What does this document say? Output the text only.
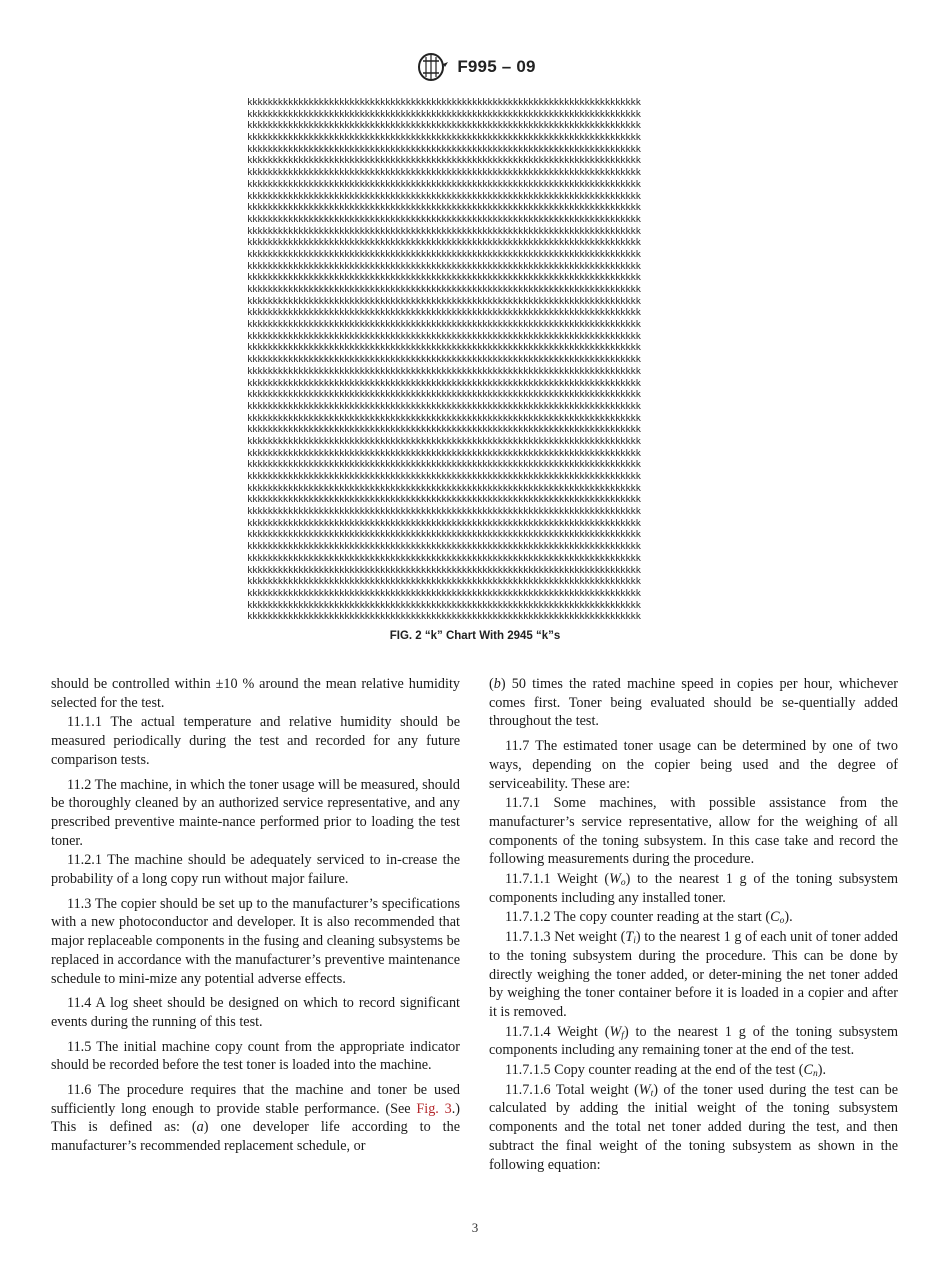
F995 – 09
kkkkkkkkkkkkkkkkkkkkkkkkkkkkkkkkkkkkkkkkkkkkkkkkkkkkkkkkkkkkkkkkkkkkkkkkkkkkk
kkkkkkkkkkkkkkkkkkkkkkkkkkkkkkkkkkkkkkkkkkkkkkkkkkkkkkkkkkkkkkkkkkkkkkkkkkkkk
kkkkkkkkkkkkkkkkkkkkkkkkkkkkkkkkkkkkkkkkkkkkkkkkkkkkkkkkkkkkkkkkkkkkkkkkkkkkk
kkkkkkkkkkkkkkkkkkkkkkkkkkkkkkkkkkkkkkkkkkkkkkkkkkkkkkkkkkkkkkkkkkkkkkkkkkkkk
kkkkkkkkkkkkkkkkkkkkkkkkkkkkkkkkkkkkkkkkkkkkkkkkkkkkkkkkkkkkkkkkkkkkkkkkkkkkk
kkkkkkkkkkkkkkkkkkkkkkkkkkkkkkkkkkkkkkkkkkkkkkkkkkkkkkkkkkkkkkkkkkkkkkkkkkkkk
kkkkkkkkkkkkkkkkkkkkkkkkkkkkkkkkkkkkkkkkkkkkkkkkkkkkkkkkkkkkkkkkkkkkkkkkkkkkk
kkkkkkkkkkkkkkkkkkkkkkkkkkkkkkkkkkkkkkkkkkkkkkkkkkkkkkkkkkkkkkkkkkkkkkkkkkkkk
kkkkkkkkkkkkkkkkkkkkkkkkkkkkkkkkkkkkkkkkkkkkkkkkkkkkkkkkkkkkkkkkkkkkkkkkkkkkk
kkkkkkkkkkkkkkkkkkkkkkkkkkkkkkkkkkkkkkkkkkkkkkkkkkkkkkkkkkkkkkkkkkkkkkkkkkkkk
kkkkkkkkkkkkkkkkkkkkkkkkkkkkkkkkkkkkkkkkkkkkkkkkkkkkkkkkkkkkkkkkkkkkkkkkkkkkk
kkkkkkkkkkkkkkkkkkkkkkkkkkkkkkkkkkkkkkkkkkkkkkkkkkkkkkkkkkkkkkkkkkkkkkkkkkkkk
kkkkkkkkkkkkkkkkkkkkkkkkkkkkkkkkkkkkkkkkkkkkkkkkkkkkkkkkkkkkkkkkkkkkkkkkkkkkk
kkkkkkkkkkkkkkkkkkkkkkkkkkkkkkkkkkkkkkkkkkkkkkkkkkkkkkkkkkkkkkkkkkkkkkkkkkkkk
kkkkkkkkkkkkkkkkkkkkkkkkkkkkkkkkkkkkkkkkkkkkkkkkkkkkkkkkkkkkkkkkkkkkkkkkkkkkk
kkkkkkkkkkkkkkkkkkkkkkkkkkkkkkkkkkkkkkkkkkkkkkkkkkkkkkkkkkkkkkkkkkkkkkkkkkkkk
kkkkkkkkkkkkkkkkkkkkkkkkkkkkkkkkkkkkkkkkkkkkkkkkkkkkkkkkkkkkkkkkkkkkkkkkkkkkk
kkkkkkkkkkkkkkkkkkkkkkkkkkkkkkkkkkkkkkkkkkkkkkkkkkkkkkkkkkkkkkkkkkkkkkkkkkkkk
kkkkkkkkkkkkkkkkkkkkkkkkkkkkkkkkkkkkkkkkkkkkkkkkkkkkkkkkkkkkkkkkkkkkkkkkkkkkk
kkkkkkkkkkkkkkkkkkkkkkkkkkkkkkkkkkkkkkkkkkkkkkkkkkkkkkkkkkkkkkkkkkkkkkkkkkkkk
kkkkkkkkkkkkkkkkkkkkkkkkkkkkkkkkkkkkkkkkkkkkkkkkkkkkkkkkkkkkkkkkkkkkkkkkkkkkk
kkkkkkkkkkkkkkkkkkkkkkkkkkkkkkkkkkkkkkkkkkkkkkkkkkkkkkkkkkkkkkkkkkkkkkkkkkkkk
kkkkkkkkkkkkkkkkkkkkkkkkkkkkkkkkkkkkkkkkkkkkkkkkkkkkkkkkkkkkkkkkkkkkkkkkkkkkk
kkkkkkkkkkkkkkkkkkkkkkkkkkkkkkkkkkkkkkkkkkkkkkkkkkkkkkkkkkkkkkkkkkkkkkkkkkkkk
kkkkkkkkkkkkkkkkkkkkkkkkkkkkkkkkkkkkkkkkkkkkkkkkkkkkkkkkkkkkkkkkkkkkkkkkkkkkk
kkkkkkkkkkkkkkkkkkkkkkkkkkkkkkkkkkkkkkkkkkkkkkkkkkkkkkkkkkkkkkkkkkkkkkkkkkkkk
kkkkkkkkkkkkkkkkkkkkkkkkkkkkkkkkkkkkkkkkkkkkkkkkkkkkkkkkkkkkkkkkkkkkkkkkkkkkk
kkkkkkkkkkkkkkkkkkkkkkkkkkkkkkkkkkkkkkkkkkkkkkkkkkkkkkkkkkkkkkkkkkkkkkkkkkkkk
kkkkkkkkkkkkkkkkkkkkkkkkkkkkkkkkkkkkkkkkkkkkkkkkkkkkkkkkkkkkkkkkkkkkkkkkkkkkk
kkkkkkkkkkkkkkkkkkkkkkkkkkkkkkkkkkkkkkkkkkkkkkkkkkkkkkkkkkkkkkkkkkkkkkkkkkkkk
kkkkkkkkkkkkkkkkkkkkkkkkkkkkkkkkkkkkkkkkkkkkkkkkkkkkkkkkkkkkkkkkkkkkkkkkkkkkk
kkkkkkkkkkkkkkkkkkkkkkkkkkkkkkkkkkkkkkkkkkkkkkkkkkkkkkkkkkkkkkkkkkkkkkkkkkkkk
kkkkkkkkkkkkkkkkkkkkkkkkkkkkkkkkkkkkkkkkkkkkkkkkkkkkkkkkkkkkkkkkkkkkkkkkkkkkk
kkkkkkkkkkkkkkkkkkkkkkkkkkkkkkkkkkkkkkkkkkkkkkkkkkkkkkkkkkkkkkkkkkkkkkkkkkkkk
kkkkkkkkkkkkkkkkkkkkkkkkkkkkkkkkkkkkkkkkkkkkkkkkkkkkkkkkkkkkkkkkkkkkkkkkkkkkk
kkkkkkkkkkkkkkkkkkkkkkkkkkkkkkkkkkkkkkkkkkkkkkkkkkkkkkkkkkkkkkkkkkkkkkkkkkkkk
kkkkkkkkkkkkkkkkkkkkkkkkkkkkkkkkkkkkkkkkkkkkkkkkkkkkkkkkkkkkkkkkkkkkkkkkkkkkk
kkkkkkkkkkkkkkkkkkkkkkkkkkkkkkkkkkkkkkkkkkkkkkkkkkkkkkkkkkkkkkkkkkkkkkkkkkkkk
kkkkkkkkkkkkkkkkkkkkkkkkkkkkkkkkkkkkkkkkkkkkkkkkkkkkkkkkkkkkkkkkkkkkkkkkkkkkk
kkkkkkkkkkkkkkkkkkkkkkkkkkkkkkkkkkkkkkkkkkkkkkkkkkkkkkkkkkkkkkkkkkkkkkkkkkkkk
kkkkkkkkkkkkkkkkkkkkkkkkkkkkkkkkkkkkkkkkkkkkkkkkkkkkkkkkkkkkkkkkkkkkkkkkkkkkk
kkkkkkkkkkkkkkkkkkkkkkkkkkkkkkkkkkkkkkkkkkkkkkkkkkkkkkkkkkkkkkkkkkkkkkkkkkkkk
kkkkkkkkkkkkkkkkkkkkkkkkkkkkkkkkkkkkkkkkkkkkkkkkkkkkkkkkkkkkkkkkkkkkkkkkkkkkk
kkkkkkkkkkkkkkkkkkkkkkkkkkkkkkkkkkkkkkkkkkkkkkkkkkkkkkkkkkkkkkkkkkkkkkkkkkkkk
kkkkkkkkkkkkkkkkkkkkkkkkkkkkkkkkkkkkkkkkkkkkkkkkkkkkkkkkkkkkkkkkkkkkkkkkkkkkk
FIG. 2 “k” Chart With 2945 “k”s

should be controlled within ±10 % around the mean relative humidity selected for the test.

11.1.1 The actual temperature and relative humidity should be measured periodically during the test and recorded for any future comparison tests.

11.2 The machine, in which the toner usage will be measured, should be thoroughly cleaned by an authorized service representative, and any prescribed preventive mainte-nance performed prior to loading the test toner.

11.2.1 The machine should be adequately serviced to in-crease the probability of a long copy run without major failure.

11.3 The copier should be set up to the manufacturer’s specifications with a new photoconductor and developer. It is also recommended that major replaceable components in the fusing and cleaning subsystems be replaced in accordance with the manufacturer’s preventive maintenance schedule to mini-mize any potential adverse effects.

11.4 A log sheet should be designed on which to record significant events during the running of this test.

11.5 The initial machine copy count from the appropriate indicator should be recorded before the test toner is loaded into the machine.

11.6 The procedure requires that the machine and toner be used sufficiently long enough to provide stable performance. (See Fig. 3.) This is defined as: (a) one developer life according to the manufacturer’s recommended replacement schedule, or

(b) 50 times the rated machine speed in copies per hour, whichever comes first. Toner being evaluated should be se-quentially added throughout the test.

11.7 The estimated toner usage can be determined by one of two ways, depending on the copier being used and the degree of serviceability. These are:

11.7.1 Some machines, with possible assistance from the manufacturer’s service representative, allow for the weighing of all components of the toning subsystem. In this case take and record the following measurements during the procedure.

11.7.1.1 Weight $(W_o)$ to the nearest 1 g of the toning subsystem components including any installed toner.

11.7.1.2 The copy counter reading at the start $(C_o)$.

11.7.1.3 Net weight $(T_i)$ to the nearest 1 g of each unit of toner added to the toning subsystem during the procedure. This can be done by directly weighing the toner added, or deter-mining the net toner added by weighing the toner container before it is loaded in a copier and after it is removed.

11.7.1.4 Weight $(W_f)$ to the nearest 1 g of the toning subsystem components including any remaining toner at the end of the test.

11.7.1.5 Copy counter reading at the end of the test $(C_n)$.

11.7.1.6 Total weight $(W_t)$ of the toner used during the test can be calculated by adding the initial weight of the toning subsystem components and the total net toner added during the test, and then subtract the final weight of the toning subsystem as shown in the following equation:

3
